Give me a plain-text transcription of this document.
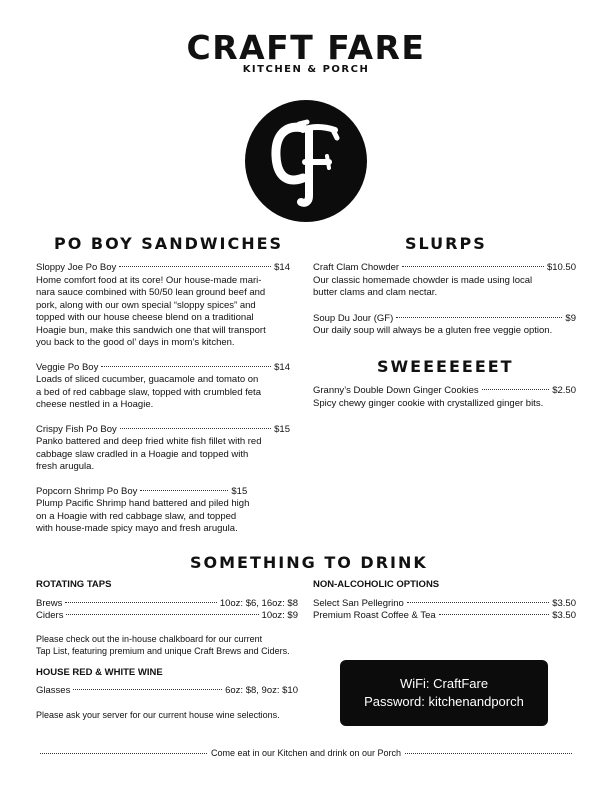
CRAFT FARE
KITCHEN & PORCH
PO BOY SANDWICHES
Sloppy Joe Po Boy	$14
Home comfort food at its core! Our house-made mari-
nara sauce combined with 50/50 lean ground beef and
pork, along with our own special “sloppy spices” and
topped with our house cheese blend on a traditional
Hoagie bun, make this sandwich one that will transport
you back to the good ol’ days in mom’s kitchen.
Veggie Po Boy	$14
Loads of sliced cucumber, guacamole and tomato on
a bed of red cabbage slaw, topped with crumbled feta
cheese nestled in a Hoagie.
Crispy Fish Po Boy	$15
Panko battered and deep fried white fish fillet with red
cabbage slaw cradled in a Hoagie and topped with
fresh arugula.
Popcorn Shrimp Po Boy	$15
Plump Pacific Shrimp hand battered and piled high
on a Hoagie with red cabbage slaw, and topped
with house-made spicy mayo and fresh arugula.
SLURPS
Craft Clam Chowder	$10.50
Our classic homemade chowder is made using local
butter clams and clam nectar.
Soup Du Jour (GF)	$9
Our daily soup will always be a gluten free veggie option.
SWEEEEEEET
Granny’s Double Down Ginger Cookies	$2.50
Spicy chewy ginger cookie with crystallized ginger bits.
SOMETHING TO DRINK
ROTATING TAPS
Brews	10oz: $6, 16oz: $8
Ciders	10oz: $9
Please check out the in-house chalkboard for our current
Tap List, featuring premium and unique Craft Brews and Ciders.
HOUSE RED & WHITE WINE
Glasses	6oz: $8, 9oz: $10
Please ask your server for our current house wine selections.
NON-ALCOHOLIC OPTIONS
Select San Pellegrino	$3.50
Premium Roast Coffee & Tea	$3.50
WiFi: CraftFare
Password: kitchenandporch
Come eat in our Kitchen and drink on our Porch
